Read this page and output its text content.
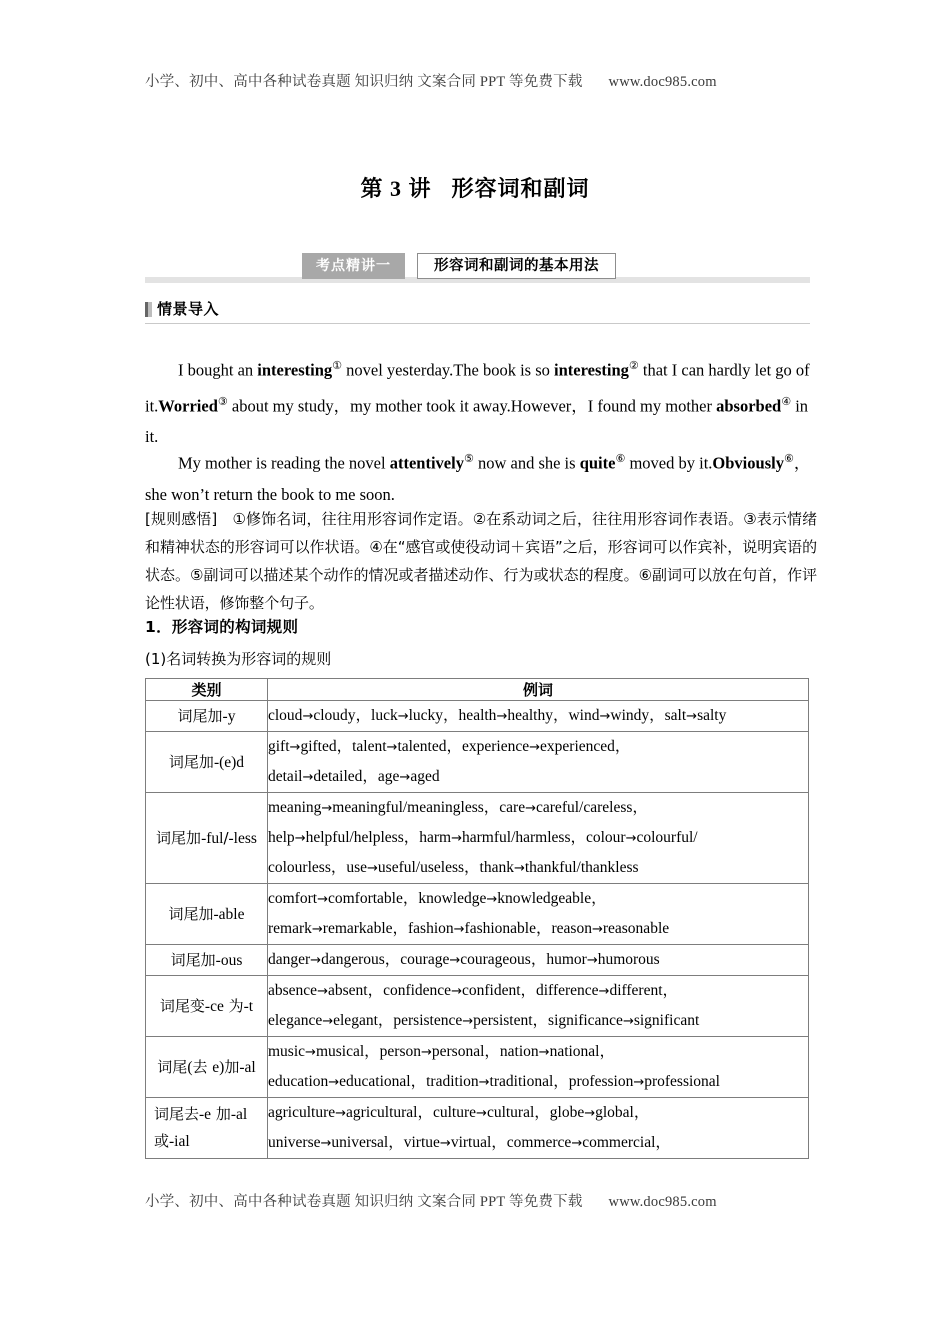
小学、初中、高中各种试卷真题 知识归纳 文案合同 PPT 等免费下载 www.doc985.com
第 3 讲 形容词和副词
考点精讲一	形容词和副词的基本用法
情景导入

I bought an interesting① novel yesterday.The book is so interesting② that I can hardly let go of it.Worried③ about my study，my mother took it away.However，I found my mother absorbed④ in it.

My mother is reading the novel attentively⑤ now and she is quite⑥ moved by it.Obviously⑥，she won’t return the book to me soon.

[规则感悟]　①修饰名词，往往用形容词作定语。②在系动词之后，往往用形容词作表语。③表示情绪和精神状态的形容词可以作状语。④在“感官或使役动词＋宾语”之后，形容词可以作宾补，说明宾语的状态。⑤副词可以描述某个动作的情况或者描述动作、行为或状态的程度。⑥副词可以放在句首，作评论性状语，修饰整个句子。
1．形容词的构词规则
(1)名词转换为形容词的规则
类别	例词
词尾加-y	cloud→cloudy，luck→lucky，health→healthy，wind→windy，salt→salty

词尾加-(e)d	gift→gifted，talent→talented，experience→experienced，
detail→detailed，age→aged

词尾加-ful/-less	meaning→meaningful/meaningless，care→careful/careless，
help→helpful/helpless，harm→harmful/harmless，colour→colourful/
colourless，use→useful/useless，thank→thankful/thankless

词尾加-able	comfort→comfortable，knowledge→knowledgeable，
remark→remarkable，fashion→fashionable，reason→reasonable

词尾加-ous	danger→dangerous，courage→courageous，humor→humorous

词尾变-ce 为-t	absence→absent，confidence→confident，difference→different，
elegance→elegant，persistence→persistent，significance→significant

词尾(去 e)加-al	music→musical，person→personal，nation→national，
education→educational，tradition→traditional，profession→professional

词尾去-e 加-al 或-ial	agriculture→agricultural，culture→cultural，globe→global，
universe→universal，virtue→virtual，commerce→commercial，
小学、初中、高中各种试卷真题 知识归纳 文案合同 PPT 等免费下载 www.doc985.com
